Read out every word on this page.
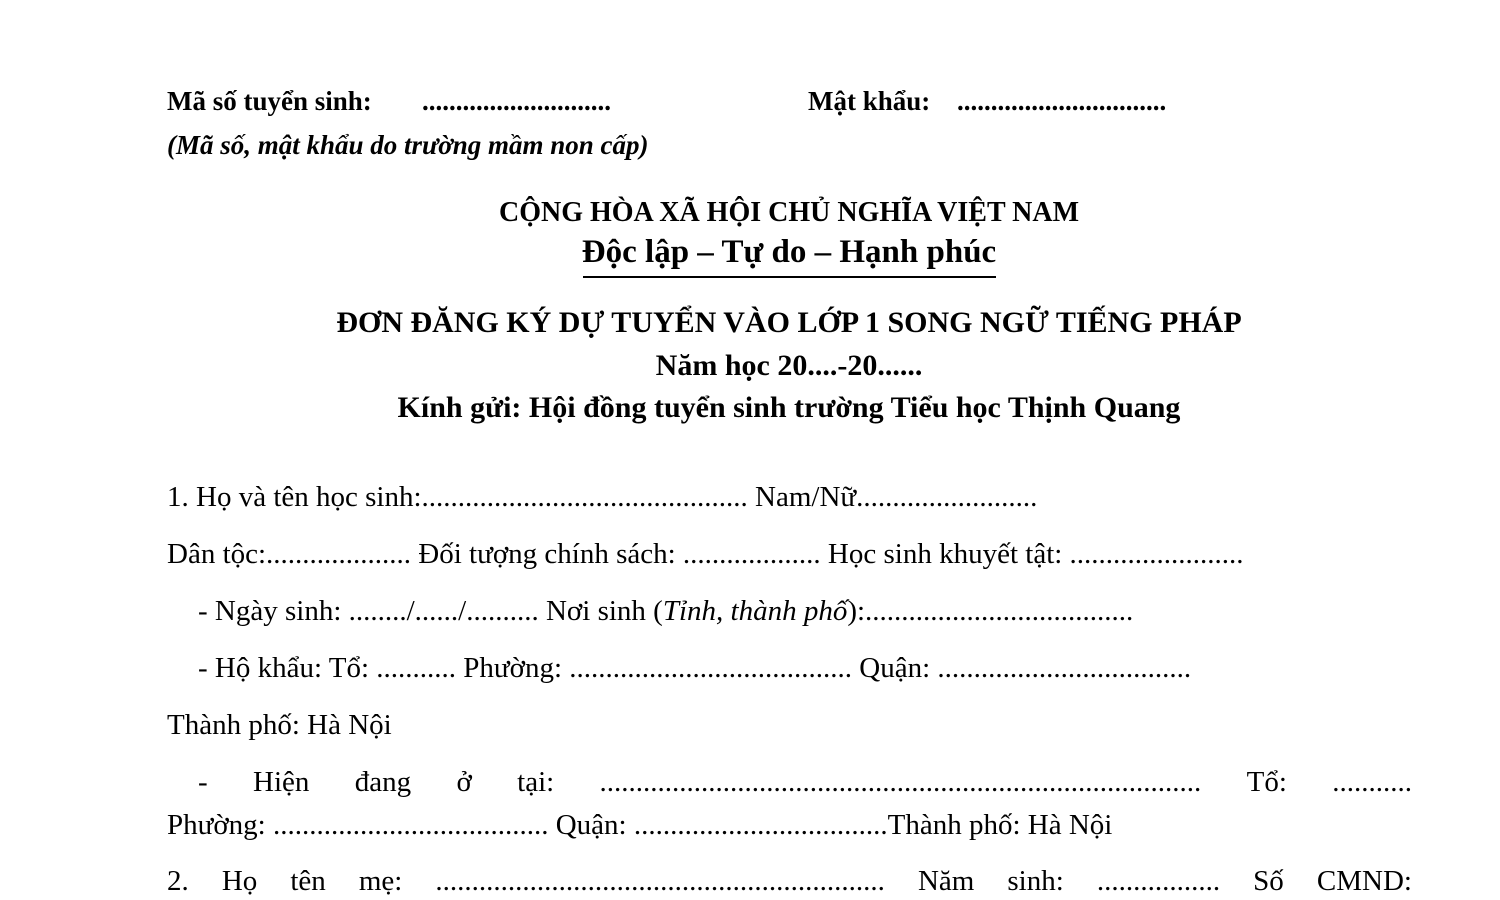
Mã số tuyển sinh: ............................	Mật khẩu: ...............................
(Mã số, mật khẩu do trường mầm non cấp)
CỘNG HÒA XÃ HỘI CHỦ NGHĨA VIỆT NAM
Độc lập – Tự do – Hạnh phúc
ĐƠN ĐĂNG KÝ DỰ TUYỂN VÀO LỚP 1 SONG NGỮ TIẾNG PHÁP
Năm học 20....-20......
Kính gửi: Hội đồng tuyển sinh trường Tiểu học Thịnh Quang
1. Họ và tên học sinh:............................................. Nam/Nữ.........................
Dân tộc:.................... Đối tượng chính sách: ................... Học sinh khuyết tật: ........................
- Ngày sinh: ......../....../.......... Nơi sinh (Tỉnh, thành phố):.....................................
- Hộ khẩu: Tổ: ........... Phường: ....................................... Quận: ...................................
Thành phố: Hà Nội
- Hiện đang ở tại: ................................................................................... Tổ: ...........
Phường: ...................................... Quận: ...................................Thành phố: Hà Nội
2. Họ tên mẹ: .............................................................. Năm sinh: ................. Số CMND:
